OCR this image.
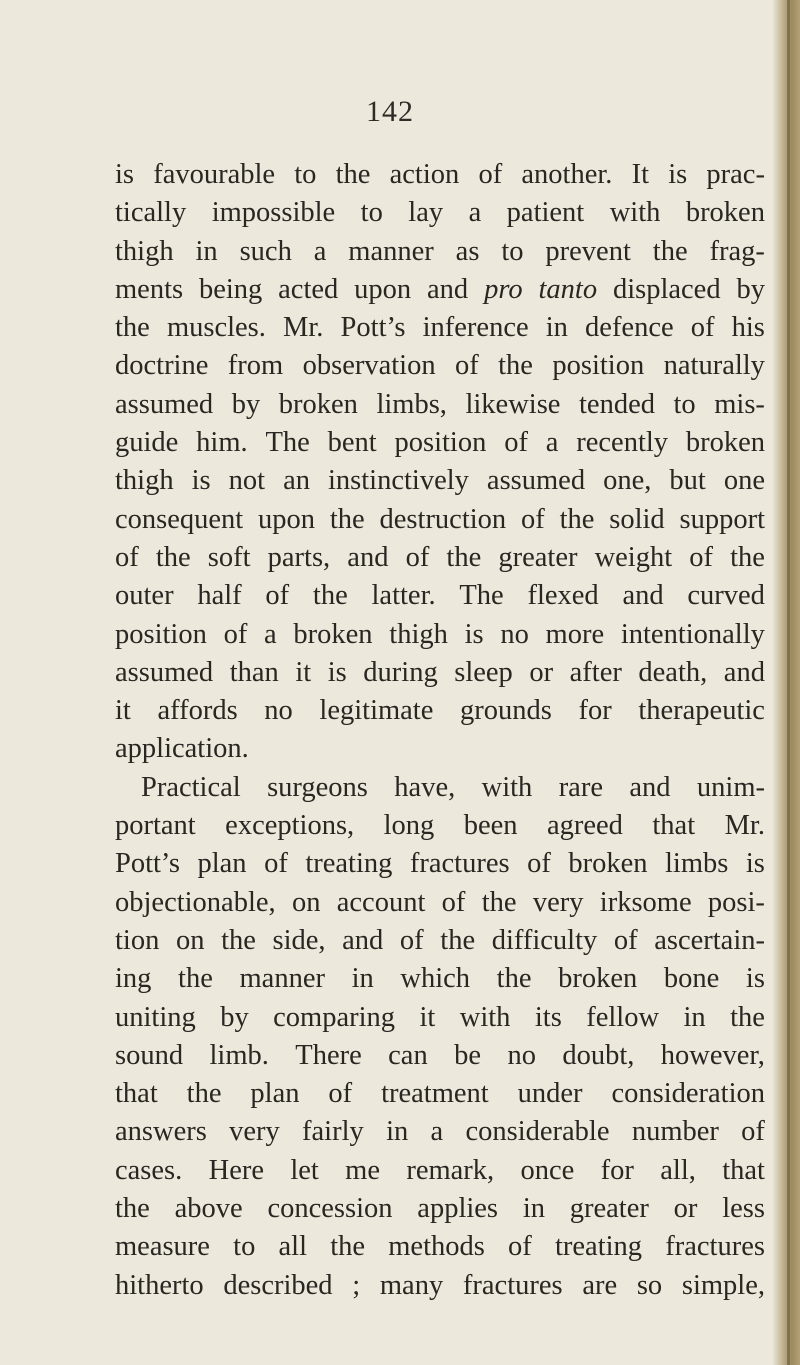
142
is favourable to the action of another. It is prac-
tically impossible to lay a patient with broken
thigh in such a manner as to prevent the frag-
ments being acted upon and pro tanto displaced by
the muscles. Mr. Pott’s inference in defence of his
doctrine from observation of the position naturally
assumed by broken limbs, likewise tended to mis-
guide him. The bent position of a recently broken
thigh is not an instinctively assumed one, but one
consequent upon the destruction of the solid support
of the soft parts, and of the greater weight of the
outer half of the latter. The flexed and curved
position of a broken thigh is no more intentionally
assumed than it is during sleep or after death, and
it affords no legitimate grounds for therapeutic
application.
Practical surgeons have, with rare and unim-
portant exceptions, long been agreed that Mr.
Pott’s plan of treating fractures of broken limbs is
objectionable, on account of the very irksome posi-
tion on the side, and of the difficulty of ascertain-
ing the manner in which the broken bone is
uniting by comparing it with its fellow in the
sound limb. There can be no doubt, however,
that the plan of treatment under consideration
answers very fairly in a considerable number of
cases. Here let me remark, once for all, that
the above concession applies in greater or less
measure to all the methods of treating fractures
hitherto described ; many fractures are so simple,
